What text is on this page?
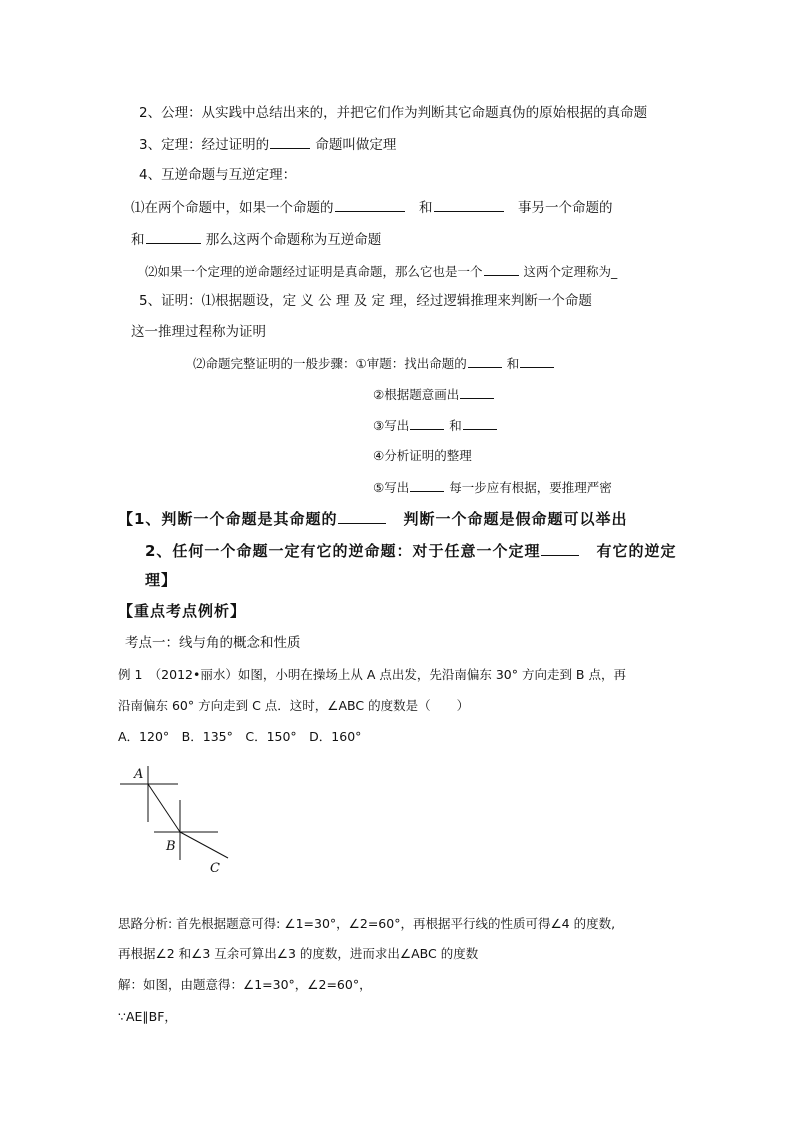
2、公理：从实践中总结出来的，并把它们作为判断其它命题真伪的原始根据的真命题
3、定理：经过证明的	命题叫做定理
4、互逆命题与互逆定理：
⑴在两个命题中，如果一个命题的　	和　	事另一个命题的
和	那么这两个命题称为互逆命题
⑵如果一个定理的逆命题经过证明是真命题，那么它也是一个	这两个定理称为_
5、证明：⑴根据题设，定 义 公 理 及 定 理，经过逻辑推理来判断一个命题
这一推理过程称为证明
⑵命题完整证明的一般步骤：①审题：找出命题的	和
②根据题意画出
③写出	和
④分析证明的整理
⑤写出	每一步应有根据，要推理严密
【1、判断一个命题是其命题的　	判断一个命题是假命题可以举出
2、任何一个命题一定有它的逆命题：对于任意一个定理　	有它的逆定
理】
【重点考点例析】
考点一：线与角的概念和性质
例 1　（2012•丽水）如图，小明在操场上从 A 点出发，先沿南偏东 30° 方向走到 B 点，再
沿南偏东 60° 方向走到 C 点．这时，∠ABC 的度数是（ ）
A．120°　B．135°　C．150°　D．160°
A
B
C
思路分析: 首先根据题意可得: ∠1=30°，∠2=60°，再根据平行线的性质可得∠4 的度数,
再根据∠2 和∠3 互余可算出∠3 的度数，进而求出∠ABC 的度数
解：如图，由题意得：∠1=30°，∠2=60°，
∵AE∥BF，
